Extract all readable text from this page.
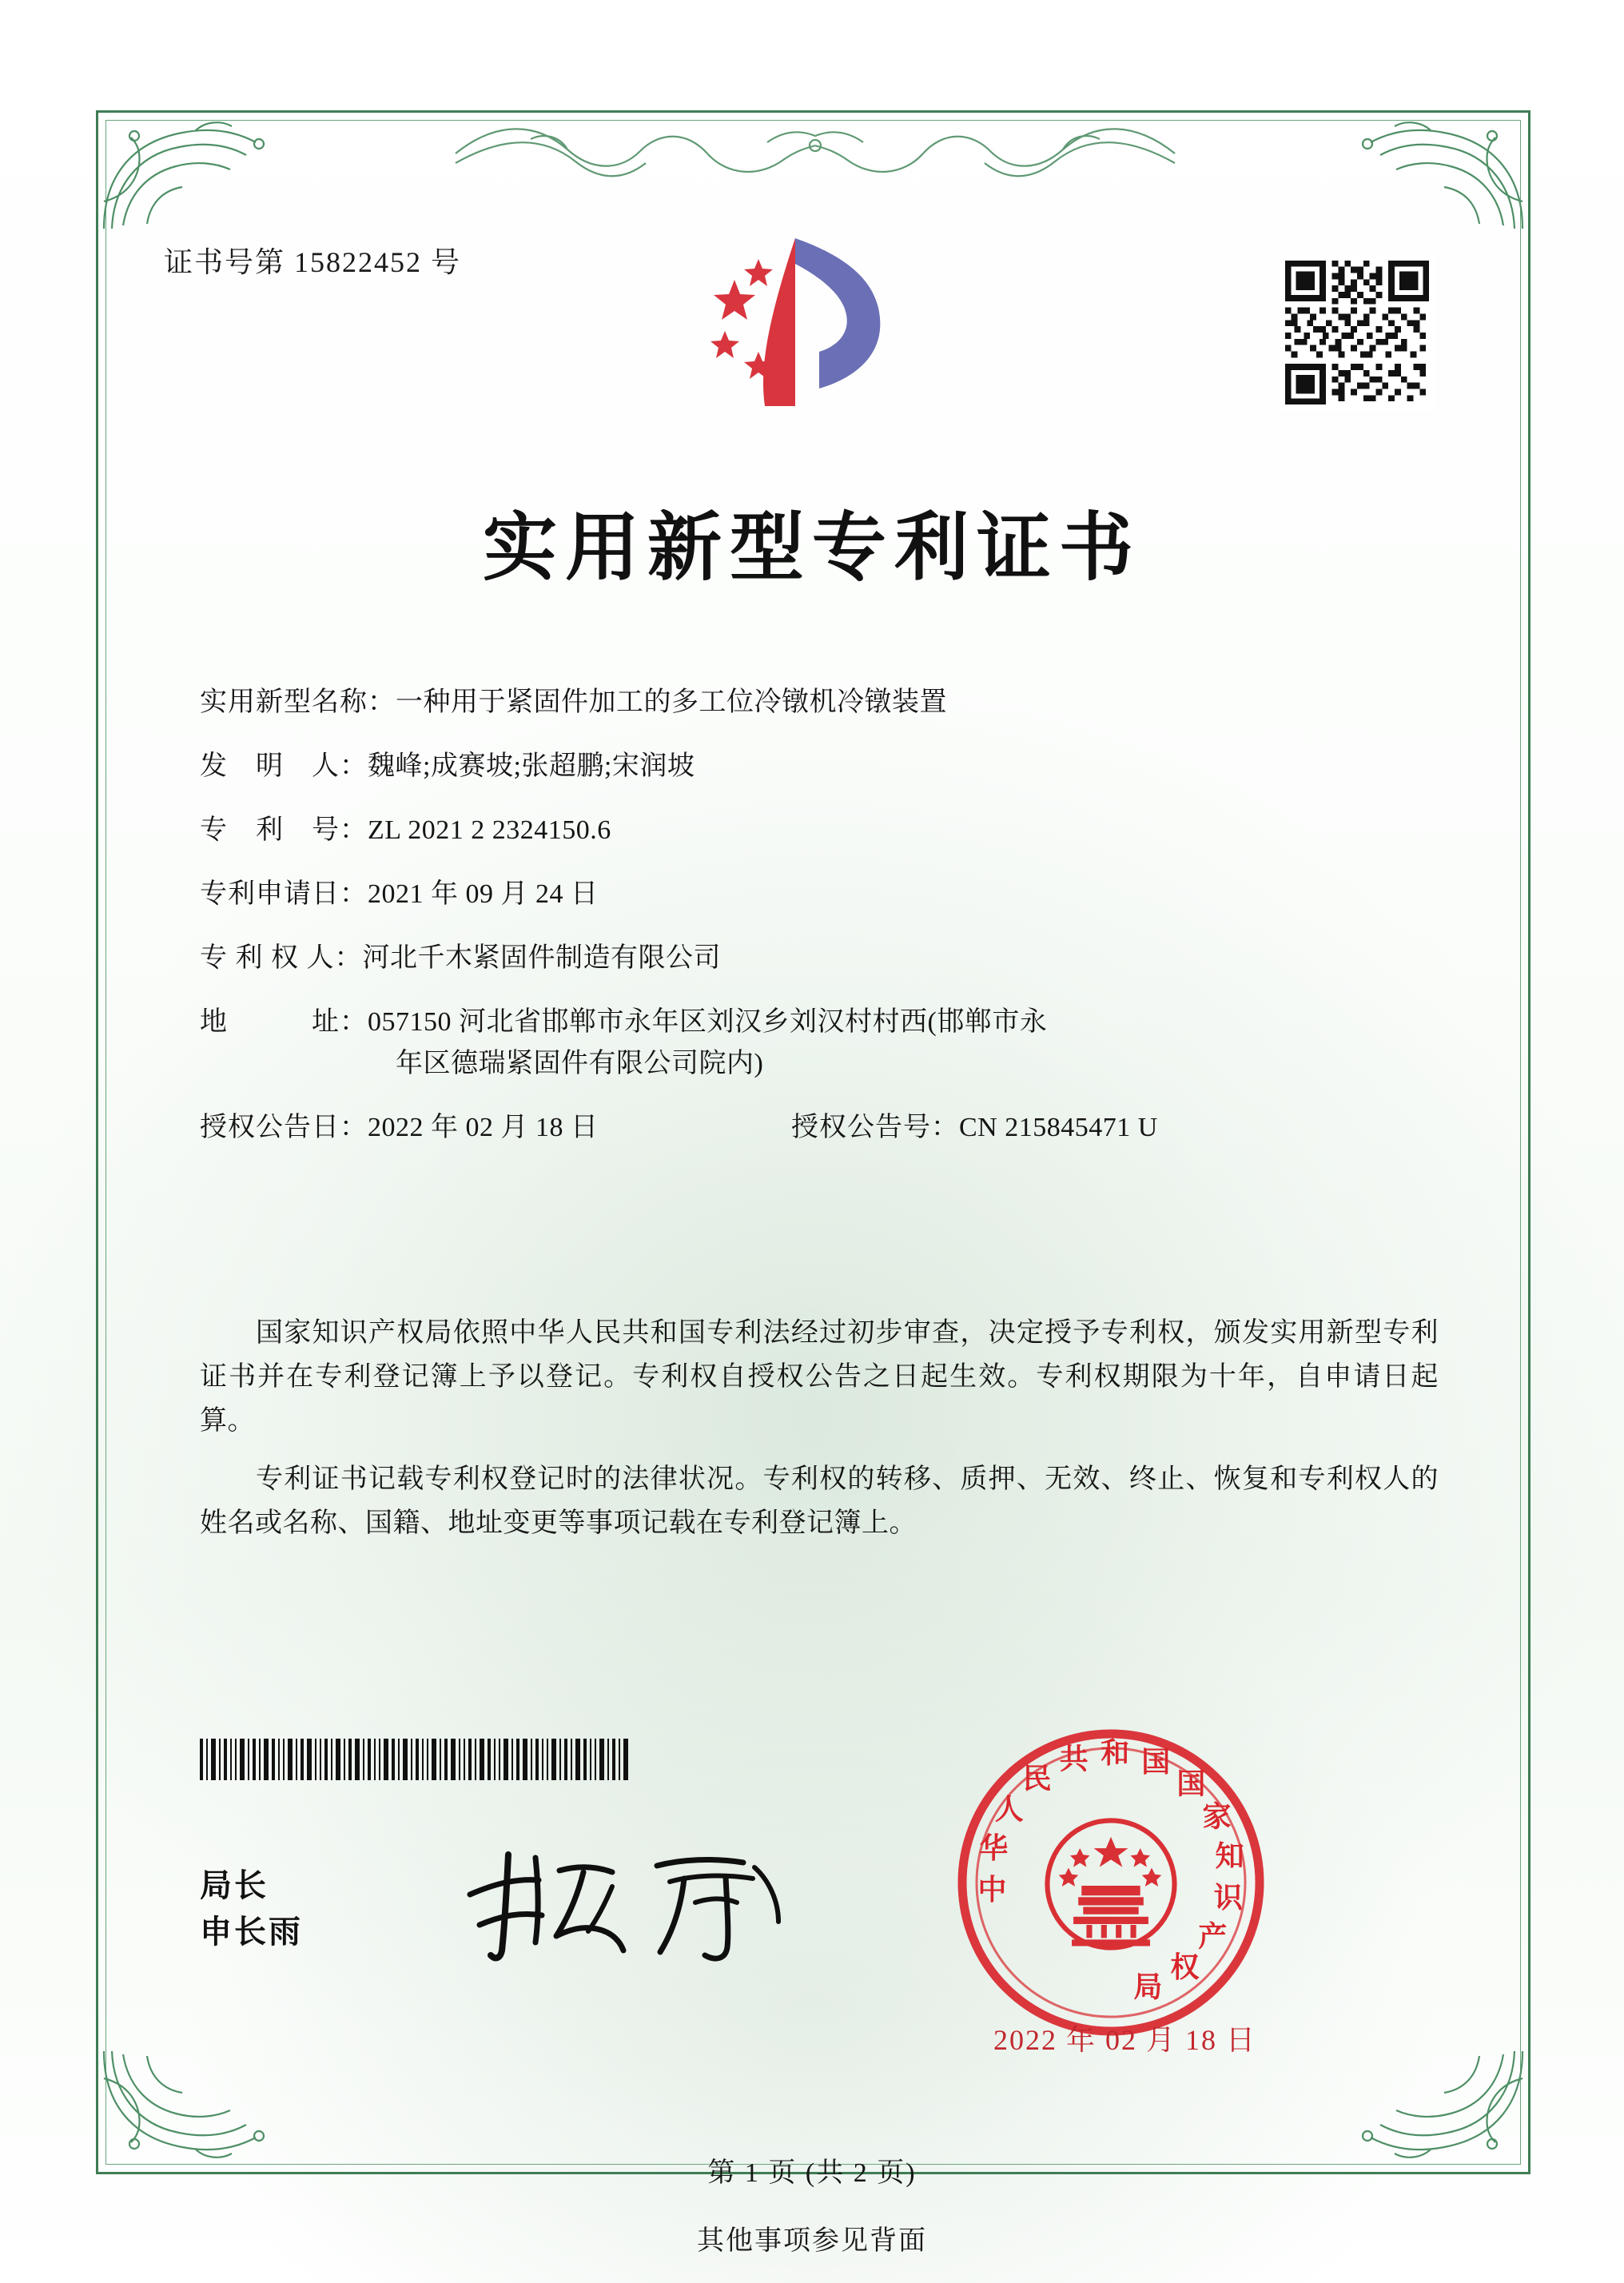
证书号第 15822452 号
实用新型专利证书
实用新型名称： 一种用于紧固件加工的多工位冷镦机冷镦装置
发　明　人： 魏峰;成赛坡;张超鹏;宋润坡
专　利　号： ZL 2021 2 2324150.6
专利申请日： 2021 年 09 月 24 日
专 利 权 人： 河北千木紧固件制造有限公司
地　　　址： 057150 河北省邯郸市永年区刘汉乡刘汉村村西(邯郸市永
年区德瑞紧固件有限公司院内)
授权公告日： 2022 年 02 月 18 日	授权公告号： CN 215845471 U

国家知识产权局依照中华人民共和国专利法经过初步审查，决定授予专利权，颁发实用新型专利证书并在专利登记簿上予以登记。专利权自授权公告之日起生效。专利权期限为十年，自申请日起算。

专利证书记载专利权登记时的法律状况。专利权的转移、质押、无效、终止、恢复和专利权人的姓名或名称、国籍、地址变更等事项记载在专利登记簿上。

局长
申长雨
中
华
人
民
共 和 国
国
家
知
识
产
权
局
2022 年 02 月 18 日
第 1 页 (共 2 页)
其他事项参见背面
